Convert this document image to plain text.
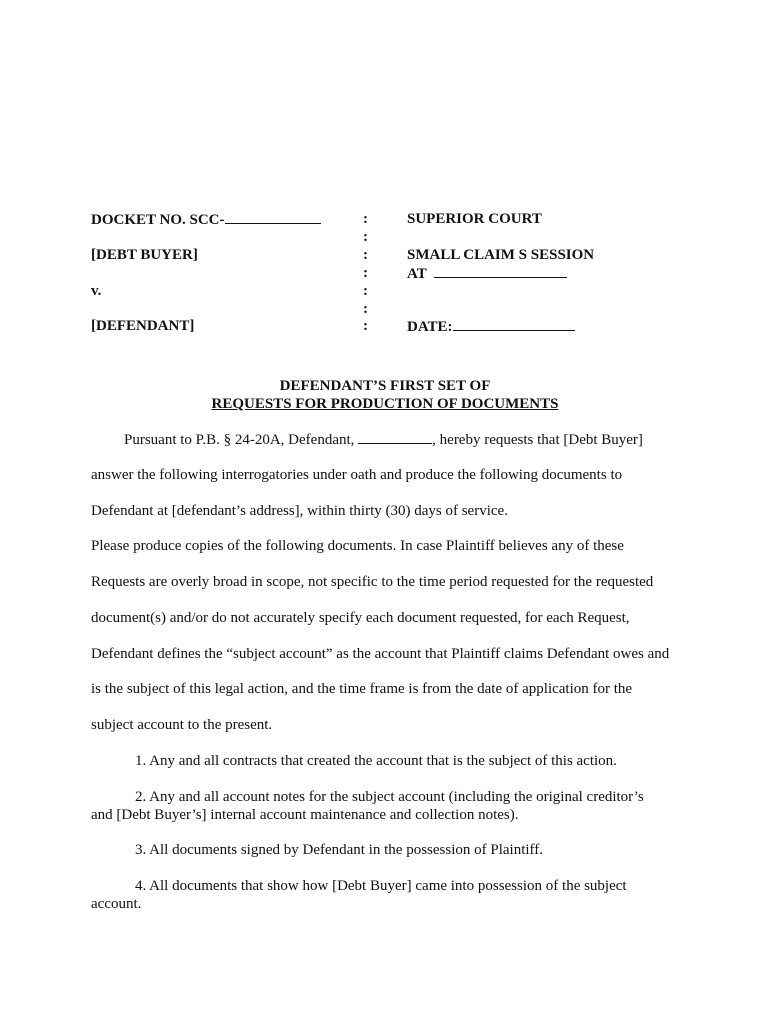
DOCKET NO. SCC-
[DEBT BUYER]
v.
[DEFENDANT]
:
:
:
:
:
:
:
SUPERIOR COURT
SMALL CLAIM S SESSION
AT
DATE:
DEFENDANT’S FIRST SET OF
REQUESTS FOR PRODUCTION OF DOCUMENTS
Pursuant to P.B. § 24-20A, Defendant,	, hereby requests that [Debt Buyer]
answer the following interrogatories under oath and produce the following documents to
Defendant at [defendant’s address], within thirty (30) days of service.
Please produce copies of the following documents. In case Plaintiff believes any of these
Requests are overly broad in scope, not specific to the time period requested for the requested
document(s) and/or do not accurately specify each document requested, for each Request,
Defendant defines the “subject account” as the account that Plaintiff claims Defendant owes and
is the subject of this legal action, and the time frame is from the date of application for the
subject account to the present.
1. Any and all contracts that created the account that is the subject of this action.
2. Any and all account notes for the subject account (including the original creditor’s
and [Debt Buyer’s] internal account maintenance and collection notes).
3. All documents signed by Defendant in the possession of Plaintiff.
4. All documents that show how [Debt Buyer] came into possession of the subject
account.
